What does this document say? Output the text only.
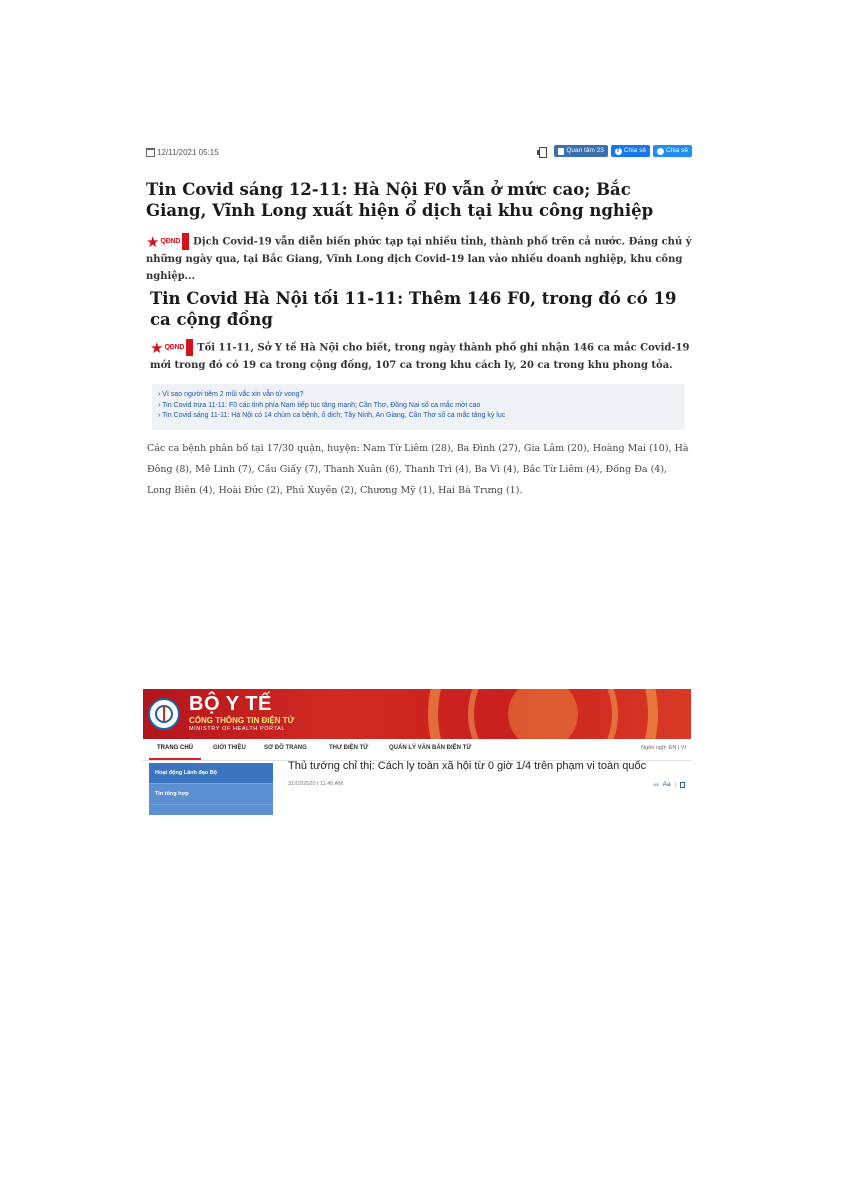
12/11/2021 05:15	Quan tâm 23
f	Chia sẻ	Chia sẻ
Tin Covid sáng 12-11: Hà Nội F0 vẫn ở mức cao; Bắc Giang, Vĩnh Long xuất hiện ổ dịch tại khu công nghiệp
★ QĐND
Dịch Covid-19 vẫn diễn biến phức tạp tại nhiều tỉnh, thành phố trên cả nước. Đáng chú ý những ngày qua, tại Bắc Giang, Vĩnh Long dịch Covid-19 lan vào nhiều doanh nghiệp, khu công nghiệp...
Tin Covid Hà Nội tối 11-11: Thêm 146 F0, trong đó có 19 ca cộng đồng
★ QĐND
Tối 11-11, Sở Y tế Hà Nội cho biết, trong ngày thành phố ghi nhận 146 ca mắc Covid-19 mới trong đó có 19 ca trong cộng đồng, 107 ca trong khu cách ly, 20 ca trong khu phong tỏa.
› Vì sao người tiêm 2 mũi vắc xin vẫn tử vong?
› Tin Covid trưa 11-11: F0 các tỉnh phía Nam tiếp tục tăng mạnh; Cần Thơ, Đồng Nai số ca mắc mới cao
› Tin Covid sáng 11-11: Hà Nội có 14 chùm ca bệnh, ổ dịch; Tây Ninh, An Giang, Cần Thơ số ca mắc tăng kỷ lục
Các ca bệnh phân bố tại 17/30 quận, huyện: Nam Từ Liêm (28), Ba Đình (27), Gia Lâm (20), Hoàng Mai (10), Hà Đông (8), Mê Linh (7), Cầu Giấy (7), Thanh Xuân (6), Thanh Trì (4), Ba Vì (4), Bắc Từ Liêm (4), Đống Đa (4), Long Biên (4), Hoài Đức (2), Phú Xuyên (2), Chương Mỹ (1), Hai Bà Trưng (1).
BỘ Y TẾ
CỔNG THÔNG TIN ĐIỆN TỬ
MINISTRY OF HEALTH PORTAL
TRANG CHỦ	GIỚI THIỆU	SƠ ĐỒ TRANG	THƯ ĐIỆN TỬ	QUẢN LÝ VĂN BẢN ĐIỆN TỬ	Ngôn ngữ: EN | VI
Hoạt động Lãnh đạo Bộ
Tin tổng hợp
Thủ tướng chỉ thị: Cách ly toàn xã hội từ 0 giờ 1/4 trên phạm vi toàn quốc
31/03/2020 | 11:45 AM	Aa Aa |
